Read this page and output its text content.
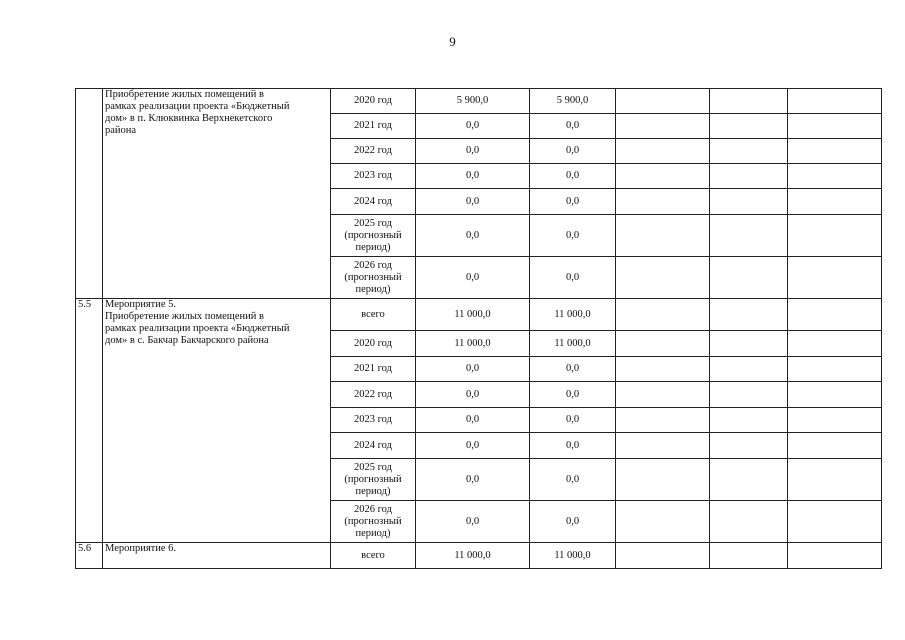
9

	Приобретение жилых помещений в
рамках реализации проекта «Бюджетный
дом» в п. Клюквинка Верхнекетского
района	2020 год	5 900,0	5 900,0			

		2021 год	0,0	0,0			

		2022 год	0,0	0,0			

		2023 год	0,0	0,0			

		2024 год	0,0	0,0			

		2025 год
(прогнозный
период)	0,0	0,0			

		2026 год
(прогнозный
период)	0,0	0,0			
5.5	Мероприятие 5.
Приобретение жилых помещений в
рамках реализации проекта «Бюджетный
дом» в с. Бакчар Бакчарского района	всего	11 000,0	11 000,0			

		2020 год	11 000,0	11 000,0			

		2021 год	0,0	0,0			

		2022 год	0,0	0,0			

		2023 год	0,0	0,0			

		2024 год	0,0	0,0			

		2025 год
(прогнозный
период)	0,0	0,0			

		2026 год
(прогнозный
период)	0,0	0,0			
5.6	Мероприятие 6.	всего	11 000,0	11 000,0			
